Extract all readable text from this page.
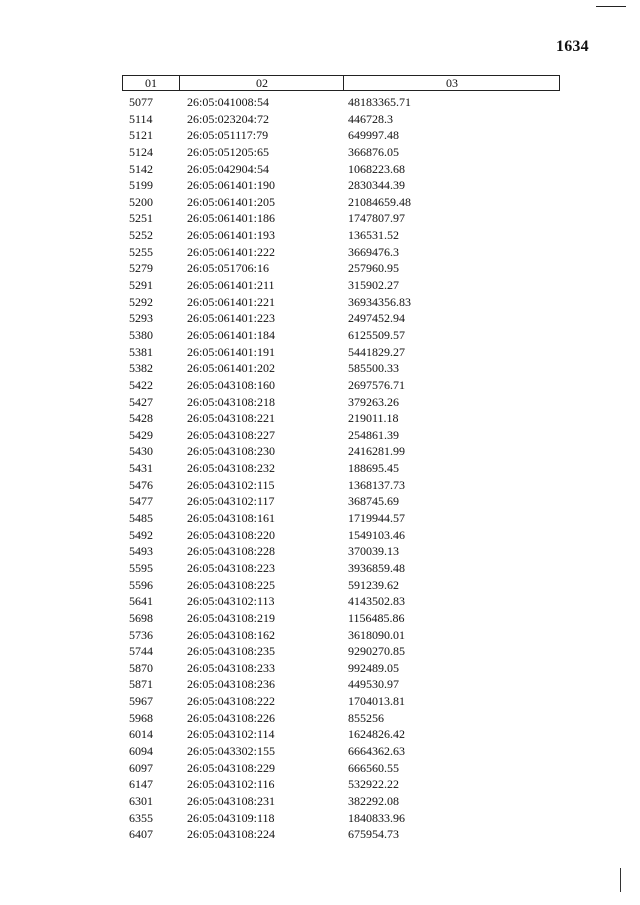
1634
01	02	03
5077	26:05:041008:54	48183365.71
5114	26:05:023204:72	446728.3
5121	26:05:051117:79	649997.48
5124	26:05:051205:65	366876.05
5142	26:05:042904:54	1068223.68
5199	26:05:061401:190	2830344.39
5200	26:05:061401:205	21084659.48
5251	26:05:061401:186	1747807.97
5252	26:05:061401:193	136531.52
5255	26:05:061401:222	3669476.3
5279	26:05:051706:16	257960.95
5291	26:05:061401:211	315902.27
5292	26:05:061401:221	36934356.83
5293	26:05:061401:223	2497452.94
5380	26:05:061401:184	6125509.57
5381	26:05:061401:191	5441829.27
5382	26:05:061401:202	585500.33
5422	26:05:043108:160	2697576.71
5427	26:05:043108:218	379263.26
5428	26:05:043108:221	219011.18
5429	26:05:043108:227	254861.39
5430	26:05:043108:230	2416281.99
5431	26:05:043108:232	188695.45
5476	26:05:043102:115	1368137.73
5477	26:05:043102:117	368745.69
5485	26:05:043108:161	1719944.57
5492	26:05:043108:220	1549103.46
5493	26:05:043108:228	370039.13
5595	26:05:043108:223	3936859.48
5596	26:05:043108:225	591239.62
5641	26:05:043102:113	4143502.83
5698	26:05:043108:219	1156485.86
5736	26:05:043108:162	3618090.01
5744	26:05:043108:235	9290270.85
5870	26:05:043108:233	992489.05
5871	26:05:043108:236	449530.97
5967	26:05:043108:222	1704013.81
5968	26:05:043108:226	855256
6014	26:05:043102:114	1624826.42
6094	26:05:043302:155	6664362.63
6097	26:05:043108:229	666560.55
6147	26:05:043102:116	532922.22
6301	26:05:043108:231	382292.08
6355	26:05:043109:118	1840833.96
6407	26:05:043108:224	675954.73
